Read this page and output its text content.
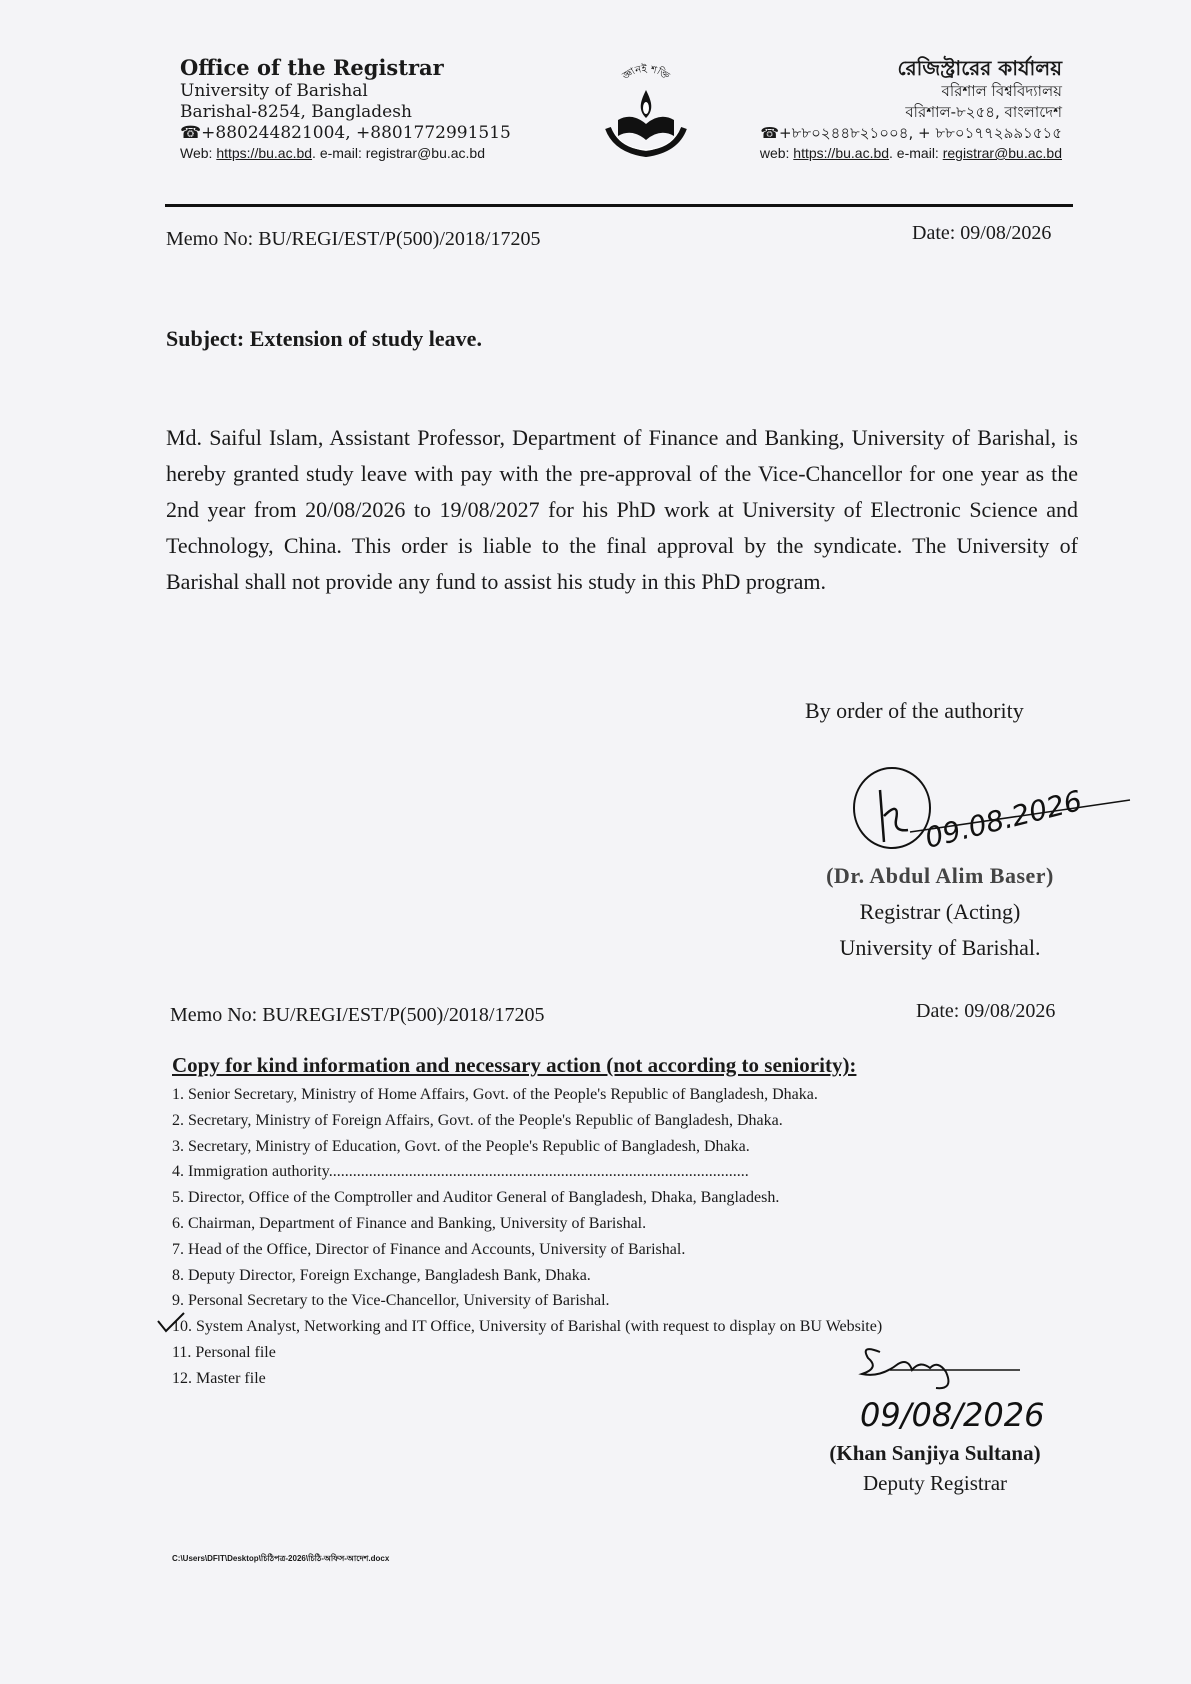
Office of the Registrar
University of Barishal
Barishal-8254, Bangladesh
☎+880244821004, +8801772991515
Web: https://bu.ac.bd. e-mail: registrar@bu.ac.bd
জ্ঞানই শক্তি	রেজিস্ট্রারের কার্যালয়
বরিশাল বিশ্ববিদ্যালয়
বরিশাল-৮২৫৪, বাংলাদেশ
☎+৮৮০২৪৪৮২১০০৪, + ৮৮০১৭৭২৯৯১৫১৫
web: https://bu.ac.bd. e-mail: registrar@bu.ac.bd
Memo No: BU/REGI/EST/P(500)/2018/17205	Date: 09/08/2026
Subject: Extension of study leave.
Md. Saiful Islam, Assistant Professor, Department of Finance and Banking, University of Barishal, is hereby granted study leave with pay with the pre-approval of the Vice-Chancellor for one year as the 2nd year from 20/08/2026 to 19/08/2027 for his PhD work at University of Electronic Science and Technology, China. This order is liable to the final approval by the syndicate. The University of Barishal shall not provide any fund to assist his study in this PhD program.
By order of the authority
09.08.2026
(Dr. Abdul Alim Baser)
Registrar (Acting)
University of Barishal.
Memo No: BU/REGI/EST/P(500)/2018/17205	Date: 09/08/2026
Copy for kind information and necessary action (not according to seniority):
1. Senior Secretary, Ministry of Home Affairs, Govt. of the People's Republic of Bangladesh, Dhaka.
2. Secretary, Ministry of Foreign Affairs, Govt. of the People's Republic of Bangladesh, Dhaka.
3. Secretary, Ministry of Education, Govt. of the People's Republic of Bangladesh, Dhaka.
4. Immigration authority.........................................................................................................
5. Director, Office of the Comptroller and Auditor General of Bangladesh, Dhaka, Bangladesh.
6. Chairman, Department of Finance and Banking, University of Barishal.
7. Head of the Office, Director of Finance and Accounts, University of Barishal.
8. Deputy Director, Foreign Exchange, Bangladesh Bank, Dhaka.
9. Personal Secretary to the Vice-Chancellor, University of Barishal.
10. System Analyst, Networking and IT Office, University of Barishal (with request to display on BU Website)
11. Personal file
12. Master file
09/08/2026
(Khan Sanjiya Sultana)
Deputy Registrar
C:\Users\DFIT\Desktop\চিঠিপত্র-2026\চিঠি-অফিস-আদেশ.docx
